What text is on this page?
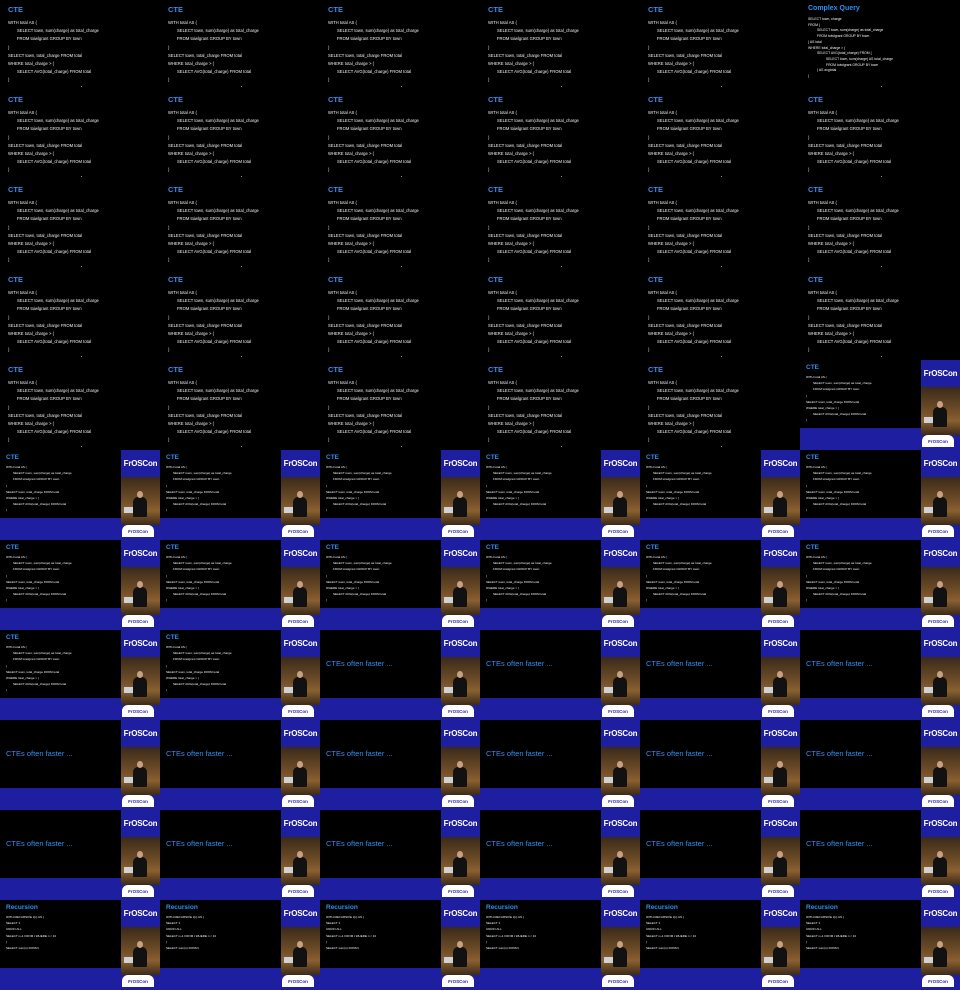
CTE
WITH total AS (
SELECT town, sum(charge) as total_charge
FROM toiwlgrant GROUP BY town
)
SELECT town, total_charge FROM total
WHERE total_charge > (
SELECT AVG(total_charge) FROM total
)
CTE
WITH total AS (
SELECT town, sum(charge) as total_charge
FROM toiwlgrant GROUP BY town
)
SELECT town, total_charge FROM total
WHERE total_charge > (
SELECT AVG(total_charge) FROM total
)
CTE
WITH total AS (
SELECT town, sum(charge) as total_charge
FROM toiwlgrant GROUP BY town
)
SELECT town, total_charge FROM total
WHERE total_charge > (
SELECT AVG(total_charge) FROM total
)
CTE
WITH total AS (
SELECT town, sum(charge) as total_charge
FROM toiwlgrant GROUP BY town
)
SELECT town, total_charge FROM total
WHERE total_charge > (
SELECT AVG(total_charge) FROM total
)
CTE
WITH total AS (
SELECT town, sum(charge) as total_charge
FROM toiwlgrant GROUP BY town
)
SELECT town, total_charge FROM total
WHERE total_charge > (
SELECT AVG(total_charge) FROM total
)
Complex Query
SELECT town, charge
FROM (
SELECT town, sum(charge) as total_charge
FROM toiwlgrant GROUP BY town
) AS total
WHERE total_charge > (
SELECT AVG(total_charge) FROM (
SELECT town, sum(charge) AS total_charge
FROM toiwlgrant GROUP BY town
) AS avgtotal
)
CTE
WITH total AS (
SELECT town, sum(charge) as total_charge
FROM toiwlgrant GROUP BY town
)
SELECT town, total_charge FROM total
WHERE total_charge > (
SELECT AVG(total_charge) FROM total
)
CTE
WITH total AS (
SELECT town, sum(charge) as total_charge
FROM toiwlgrant GROUP BY town
)
SELECT town, total_charge FROM total
WHERE total_charge > (
SELECT AVG(total_charge) FROM total
)
CTE
WITH total AS (
SELECT town, sum(charge) as total_charge
FROM toiwlgrant GROUP BY town
)
SELECT town, total_charge FROM total
WHERE total_charge > (
SELECT AVG(total_charge) FROM total
)
CTE
WITH total AS (
SELECT town, sum(charge) as total_charge
FROM toiwlgrant GROUP BY town
)
SELECT town, total_charge FROM total
WHERE total_charge > (
SELECT AVG(total_charge) FROM total
)
CTE
WITH total AS (
SELECT town, sum(charge) as total_charge
FROM toiwlgrant GROUP BY town
)
SELECT town, total_charge FROM total
WHERE total_charge > (
SELECT AVG(total_charge) FROM total
)
CTE
WITH total AS (
SELECT town, sum(charge) as total_charge
FROM toiwlgrant GROUP BY town
)
SELECT town, total_charge FROM total
WHERE total_charge > (
SELECT AVG(total_charge) FROM total
)
CTE
WITH total AS (
SELECT town, sum(charge) as total_charge
FROM toiwlgrant GROUP BY town
)
SELECT town, total_charge FROM total
WHERE total_charge > (
SELECT AVG(total_charge) FROM total
)
CTE
WITH total AS (
SELECT town, sum(charge) as total_charge
FROM toiwlgrant GROUP BY town
)
SELECT town, total_charge FROM total
WHERE total_charge > (
SELECT AVG(total_charge) FROM total
)
CTE
WITH total AS (
SELECT town, sum(charge) as total_charge
FROM toiwlgrant GROUP BY town
)
SELECT town, total_charge FROM total
WHERE total_charge > (
SELECT AVG(total_charge) FROM total
)
CTE
WITH total AS (
SELECT town, sum(charge) as total_charge
FROM toiwlgrant GROUP BY town
)
SELECT town, total_charge FROM total
WHERE total_charge > (
SELECT AVG(total_charge) FROM total
)
CTE
WITH total AS (
SELECT town, sum(charge) as total_charge
FROM toiwlgrant GROUP BY town
)
SELECT town, total_charge FROM total
WHERE total_charge > (
SELECT AVG(total_charge) FROM total
)
CTE
WITH total AS (
SELECT town, sum(charge) as total_charge
FROM toiwlgrant GROUP BY town
)
SELECT town, total_charge FROM total
WHERE total_charge > (
SELECT AVG(total_charge) FROM total
)
CTE
WITH total AS (
SELECT town, sum(charge) as total_charge
FROM toiwlgrant GROUP BY town
)
SELECT town, total_charge FROM total
WHERE total_charge > (
SELECT AVG(total_charge) FROM total
)
CTE
WITH total AS (
SELECT town, sum(charge) as total_charge
FROM toiwlgrant GROUP BY town
)
SELECT town, total_charge FROM total
WHERE total_charge > (
SELECT AVG(total_charge) FROM total
)
CTE
WITH total AS (
SELECT town, sum(charge) as total_charge
FROM toiwlgrant GROUP BY town
)
SELECT town, total_charge FROM total
WHERE total_charge > (
SELECT AVG(total_charge) FROM total
)
CTE
WITH total AS (
SELECT town, sum(charge) as total_charge
FROM toiwlgrant GROUP BY town
)
SELECT town, total_charge FROM total
WHERE total_charge > (
SELECT AVG(total_charge) FROM total
)
CTE
WITH total AS (
SELECT town, sum(charge) as total_charge
FROM toiwlgrant GROUP BY town
)
SELECT town, total_charge FROM total
WHERE total_charge > (
SELECT AVG(total_charge) FROM total
)
CTE
WITH total AS (
SELECT town, sum(charge) as total_charge
FROM toiwlgrant GROUP BY town
)
SELECT town, total_charge FROM total
WHERE total_charge > (
SELECT AVG(total_charge) FROM total
)
CTE
WITH total AS (
SELECT town, sum(charge) as total_charge
FROM toiwlgrant GROUP BY town
)
SELECT town, total_charge FROM total
WHERE total_charge > (
SELECT AVG(total_charge) FROM total
)
CTE
WITH total AS (
SELECT town, sum(charge) as total_charge
FROM toiwlgrant GROUP BY town
)
SELECT town, total_charge FROM total
WHERE total_charge > (
SELECT AVG(total_charge) FROM total
)
CTE
WITH total AS (
SELECT town, sum(charge) as total_charge
FROM toiwlgrant GROUP BY town
)
SELECT town, total_charge FROM total
WHERE total_charge > (
SELECT AVG(total_charge) FROM total
)
CTE
WITH total AS (
SELECT town, sum(charge) as total_charge
FROM toiwlgrant GROUP BY town
)
SELECT town, total_charge FROM total
WHERE total_charge > (
SELECT AVG(total_charge) FROM total
)
CTE
WITH total AS (
SELECT town, sum(charge) as total_charge
FROM toiwlgrant GROUP BY town
)
SELECT town, total_charge FROM total
WHERE total_charge > (
SELECT AVG(total_charge) FROM total
)
CTE
WITH total AS (
SELECT town, sum(charge) as total_charge
FROM toiwlgrant GROUP BY town
)
SELECT town, total_charge FROM total
WHERE total_charge > (
SELECT AVG(total_charge) FROM total
)
FrOSCon
FrOSCon
CTE
WITH total AS (
SELECT town, sum(charge) as total_charge
FROM toiwlgrant GROUP BY town
)
SELECT town, total_charge FROM total
WHERE total_charge > (
SELECT AVG(total_charge) FROM total
)
FrOSCon
FrOSCon
CTE
WITH total AS (
SELECT town, sum(charge) as total_charge
FROM toiwlgrant GROUP BY town
)
SELECT town, total_charge FROM total
WHERE total_charge > (
SELECT AVG(total_charge) FROM total
)
FrOSCon
FrOSCon
CTE
WITH total AS (
SELECT town, sum(charge) as total_charge
FROM toiwlgrant GROUP BY town
)
SELECT town, total_charge FROM total
WHERE total_charge > (
SELECT AVG(total_charge) FROM total
)
FrOSCon
FrOSCon
CTE
WITH total AS (
SELECT town, sum(charge) as total_charge
FROM toiwlgrant GROUP BY town
)
SELECT town, total_charge FROM total
WHERE total_charge > (
SELECT AVG(total_charge) FROM total
)
FrOSCon
FrOSCon
CTE
WITH total AS (
SELECT town, sum(charge) as total_charge
FROM toiwlgrant GROUP BY town
)
SELECT town, total_charge FROM total
WHERE total_charge > (
SELECT AVG(total_charge) FROM total
)
FrOSCon
FrOSCon
CTE
WITH total AS (
SELECT town, sum(charge) as total_charge
FROM toiwlgrant GROUP BY town
)
SELECT town, total_charge FROM total
WHERE total_charge > (
SELECT AVG(total_charge) FROM total
)
FrOSCon
FrOSCon
CTE
WITH total AS (
SELECT town, sum(charge) as total_charge
FROM toiwlgrant GROUP BY town
)
SELECT town, total_charge FROM total
WHERE total_charge > (
SELECT AVG(total_charge) FROM total
)
FrOSCon
FrOSCon
CTE
WITH total AS (
SELECT town, sum(charge) as total_charge
FROM toiwlgrant GROUP BY town
)
SELECT town, total_charge FROM total
WHERE total_charge > (
SELECT AVG(total_charge) FROM total
)
FrOSCon
FrOSCon
CTE
WITH total AS (
SELECT town, sum(charge) as total_charge
FROM toiwlgrant GROUP BY town
)
SELECT town, total_charge FROM total
WHERE total_charge > (
SELECT AVG(total_charge) FROM total
)
FrOSCon
FrOSCon
CTE
WITH total AS (
SELECT town, sum(charge) as total_charge
FROM toiwlgrant GROUP BY town
)
SELECT town, total_charge FROM total
WHERE total_charge > (
SELECT AVG(total_charge) FROM total
)
FrOSCon
FrOSCon
CTE
WITH total AS (
SELECT town, sum(charge) as total_charge
FROM toiwlgrant GROUP BY town
)
SELECT town, total_charge FROM total
WHERE total_charge > (
SELECT AVG(total_charge) FROM total
)
FrOSCon
FrOSCon
CTE
WITH total AS (
SELECT town, sum(charge) as total_charge
FROM toiwlgrant GROUP BY town
)
SELECT town, total_charge FROM total
WHERE total_charge > (
SELECT AVG(total_charge) FROM total
)
FrOSCon
FrOSCon
CTE
WITH total AS (
SELECT town, sum(charge) as total_charge
FROM toiwlgrant GROUP BY town
)
SELECT town, total_charge FROM total
WHERE total_charge > (
SELECT AVG(total_charge) FROM total
)
FrOSCon
FrOSCon
CTE
WITH total AS (
SELECT town, sum(charge) as total_charge
FROM toiwlgrant GROUP BY town
)
SELECT town, total_charge FROM total
WHERE total_charge > (
SELECT AVG(total_charge) FROM total
)
FrOSCon
FrOSCon
CTEs often faster ...
FrOSCon
FrOSCon
CTEs often faster ...
FrOSCon
FrOSCon
CTEs often faster ...
FrOSCon
FrOSCon
CTEs often faster ...
FrOSCon
FrOSCon
CTEs often faster ...
FrOSCon
FrOSCon
CTEs often faster ...
FrOSCon
FrOSCon
CTEs often faster ...
FrOSCon
FrOSCon
CTEs often faster ...
FrOSCon
FrOSCon
CTEs often faster ...
FrOSCon
FrOSCon
CTEs often faster ...
FrOSCon
FrOSCon
CTEs often faster ...
FrOSCon
FrOSCon
CTEs often faster ...
FrOSCon
FrOSCon
CTEs often faster ...
FrOSCon
FrOSCon
CTEs often faster ...
FrOSCon
FrOSCon
CTEs often faster ...
FrOSCon
FrOSCon
CTEs often faster ...
FrOSCon
FrOSCon
Recursion
WITH RECURSIVE t(n) AS (
SELECT 1
UNION ALL
SELECT n+1 FROM t WHERE n < 10
)
SELECT sum(n) FROM t
FrOSCon
FrOSCon
Recursion
WITH RECURSIVE t(n) AS (
SELECT 1
UNION ALL
SELECT n+1 FROM t WHERE n < 10
)
SELECT sum(n) FROM t
FrOSCon
FrOSCon
Recursion
WITH RECURSIVE t(n) AS (
SELECT 1
UNION ALL
SELECT n+1 FROM t WHERE n < 10
)
SELECT sum(n) FROM t
FrOSCon
FrOSCon
Recursion
WITH RECURSIVE t(n) AS (
SELECT 1
UNION ALL
SELECT n+1 FROM t WHERE n < 10
)
SELECT sum(n) FROM t
FrOSCon
FrOSCon
Recursion
WITH RECURSIVE t(n) AS (
SELECT 1
UNION ALL
SELECT n+1 FROM t WHERE n < 10
)
SELECT sum(n) FROM t
FrOSCon
FrOSCon
Recursion
WITH RECURSIVE t(n) AS (
SELECT 1
UNION ALL
SELECT n+1 FROM t WHERE n < 10
)
SELECT sum(n) FROM t
FrOSCon
FrOSCon
